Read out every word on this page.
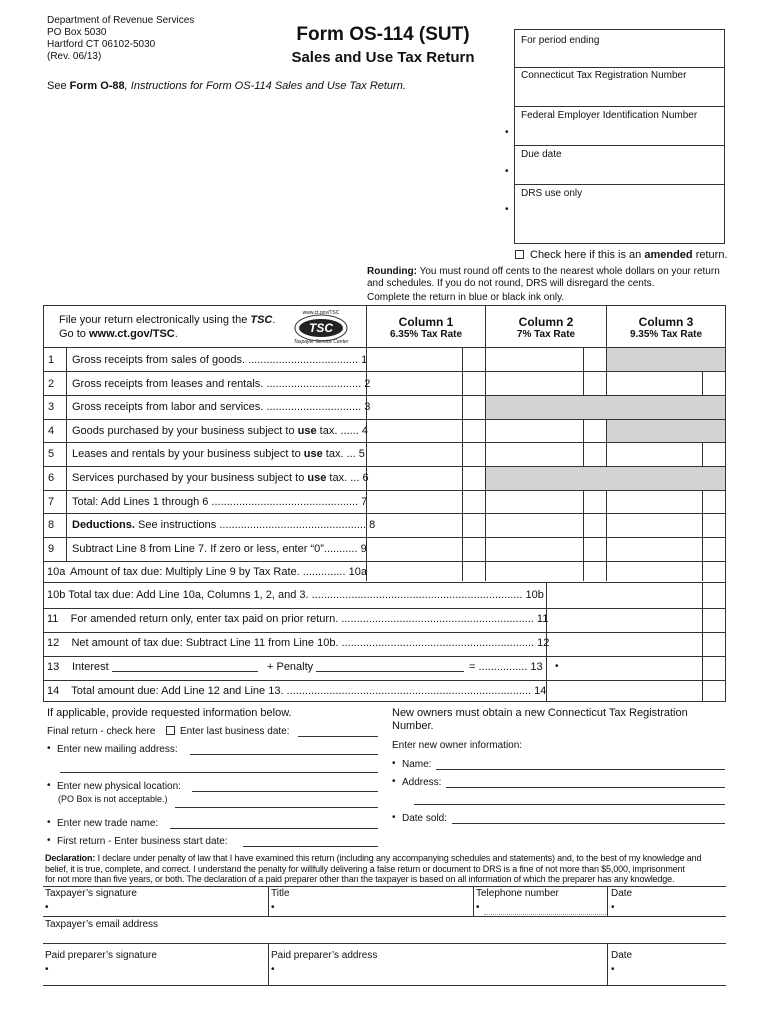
Department of Revenue Services
PO Box 5030
Hartford CT 06102-5030
(Rev. 06/13)
Form OS-114 (SUT)
Sales and Use Tax Return
See Form O-88, Instructions for Form OS-114 Sales and Use Tax Return.
For period ending
Connecticut Tax Registration Number
Federal Employer Identification Number
Due date
DRS use only
•
•
•
Check here if this is an amended return.
Rounding: You must round off cents to the nearest whole dollars on your return
and schedules. If you do not round, DRS will disregard the cents.
Complete the return in blue or black ink only.
File your return electronically using the TSC.
Go to www.ct.gov/TSC.	TSC
www.ct.gov/TSC
Taxpayer Service Center
Column 1
6.35% Tax Rate
Column 2
7% Tax Rate
Column 3
9.35% Tax Rate
1 Gross receipts from sales of goods. .................................... 1
2 Gross receipts from leases and rentals. ............................... 2
3 Gross receipts from labor and services. ............................... 3
4 Goods purchased by your business subject to use tax. ...... 4
5 Leases and rentals by your business subject to use tax. ... 5
6 Services purchased by your business subject to use tax. ... 6
7 Total: Add Lines 1 through 6 ................................................ 7
8 Deductions. See instructions ................................................ 8
9 Subtract Line 8 from Line 7. If zero or less, enter “0”........... 9
10a Amount of tax due: Multiply Line 9 by Tax Rate. .............. 10a
10b Total tax due: Add Line 10a, Columns 1, 2, and 3. ..................................................................... 10b
11 For amended return only, enter tax paid on prior return. ............................................................... 11
12 Net amount of tax due: Subtract Line 11 from Line 10b. ............................................................... 12
13 Interest	+ Penalty	= ................ 13 •
14 Total amount due: Add Line 12 and Line 13. ................................................................................ 14
If applicable, provide requested information below.
Final return - check here Enter last business date:
• Enter new mailing address:
• Enter new physical location:
(PO Box is not acceptable.)
• Enter new trade name:
• First return - Enter business start date:
New owners must obtain a new Connecticut Tax Registration
Number.
Enter new owner information:
• Name:
• Address:
• Date sold:
Declaration: I declare under penalty of law that I have examined this return (including any accompanying schedules and statements) and, to the best of my knowledge and
belief, it is true, complete, and correct. I understand the penalty for willfully delivering a false return or document to DRS is a fine of not more than $5,000, imprisonment
for not more than five years, or both. The declaration of a paid preparer other than the taxpayer is based on all information of which the preparer has any knowledge.
Taxpayer’s signature
•
Title
•
Telephone number
•
Date
•
Taxpayer’s email address
Paid preparer’s signature
•
Paid preparer’s address
•
Date
•
